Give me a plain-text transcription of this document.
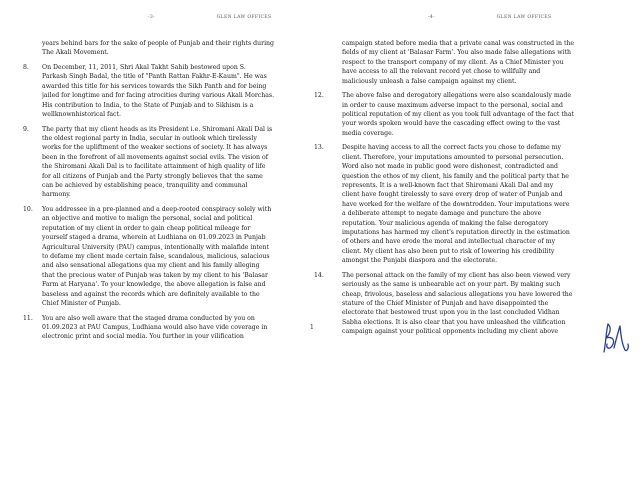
-3-	GLEN LAW OFFICES
years behind bars for the sake of people of Punjab and their rights during
The Akali Movement.
8. On December, 11, 2011, Shri Akal Takht Sahib bestowed upon S.
Parkash Singh Badal, the title of "Panth Rattan Fakhr-E-Kaum". He was
awarded this title for his services towards the Sikh Panth and for being
jailed for longtime and for facing atrocities during various Akali Morchas.
His contribution to India, to the State of Punjab and to Sikhism is a
wellknownhistorical fact.
9. The party that my client heads as its President i.e. Shiromani Akali Dal is
the oldest regional party in India, secular in outlook which tirelessly
works for the upliftment of the weaker sections of society. It has always
been in the forefront of all movements against social evils. The vision of
the Shiromani Akali Dal is to facilitate attainment of high quality of life
for all citizens of Punjab and the Party strongly believes that the same
can be achieved by establishing peace, tranquility and communal
harmony.
10. You addressee in a pre-planned and a deep-rooted conspiracy solely with
an objective and motive to malign the personal, social and political
reputation of my client in order to gain cheap political mileage for
yourself staged a drama, wherein at Ludhiana on 01.09.2023 in Punjab
Agricultural University (PAU) campus, intentionally with malafide intent
to defame my client made certain false, scandalous, malicious, salacious
and also sensational allegations qua my client and his family alleging
that the precious water of Punjab was taken by my client to his 'Balasar
Farm at Haryana'. To your knowledge, the above allegation is false and
baseless and against the records which are definitely available to the
Chief Minister of Punjab.
11. You are also well aware that the staged drama conducted by you on
01.09.2023 at PAU Campus, Ludhiana would also have vide coverage in
electronic print and social media. You further in your vilification
-4-	GLEN LAW OFFICES
campaign stated before media that a private canal was constructed in the
fields of my client at 'Balasar Farm'. You also made false allegations with
respect to the transport company of my client. As a Chief Minister you
have access to all the relevant record yet chose to willfully and
maliciously unleash a false campaign against my client.
12.	The above false and derogatory allegations were also scandalously made
in order to cause maximum adverse impact to the personal, social and
political reputation of my client as you took full advantage of the fact that
your words spoken would have the cascading effect owing to the vast
media coverage.
13.	Despite having access to all the correct facts you chose to defame my
client. Therefore, your imputations amounted to personal persecution.
Word also not made in public good were dishonest, contradicted and
question the ethos of my client, his family and the political party that he
represents. It is a well-known fact that Shiromani Akali Dal and my
client have fought tirelessly to save every drop of water of Punjab and
have worked for the welfare of the downtrodden. Your imputations were
a deliberate attempt to negate damage and puncture the above
reputation. Your malicious agenda of making the false derogatory
imputations has harmed my client's reputation directly in the estimation
of others and have erode the moral and intellectual character of my
client. My client has also been put to risk of lowering his credibility
amongst the Punjabi diaspora and the electorate.
14.	The personal attack on the family of my client has also been viewed very
seriously as the same is unbearable act on your part. By making such
cheap, frivolous, baseless and salacious allegations you have lowered the
stature of the Chief Minister of Punjab and have disappointed the
electorate that bestowed trust upon you in the last concluded Vidhan
Sabha elections. It is also clear that you have unleashed the vilification
campaign against your political opponents including my client above
1
